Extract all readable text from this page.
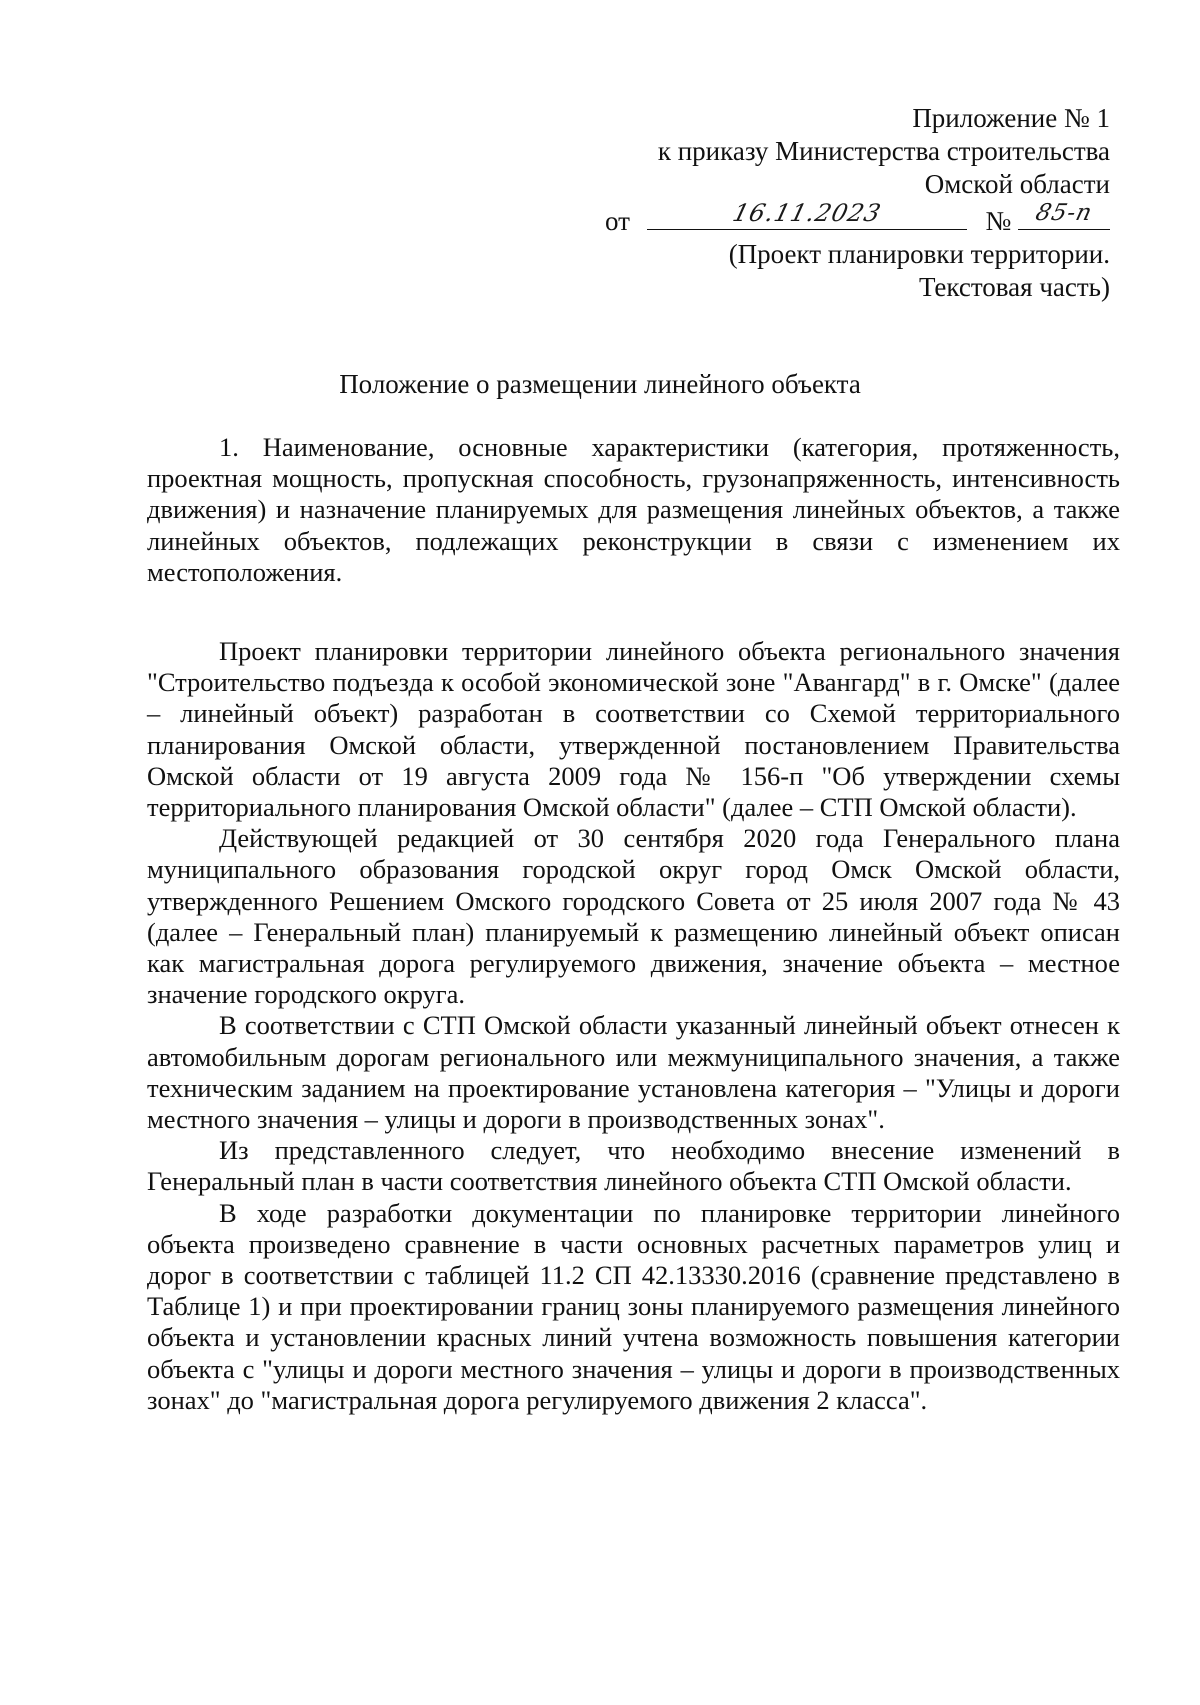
Приложение № 1
к приказу Министерства строительства
Омской области
от	16.11.2023	№ 85-п
(Проект планировки территории.
Текстовая часть)
Положение о размещении линейного объекта

1. Наименование, основные характеристики (категория, протяженность, проектная мощность, пропускная способность, грузонапряженность, интенсивность движения) и назначение планируемых для размещения линейных объектов, а также линейных объектов, подлежащих реконструкции в связи с изменением их местоположения.

Проект планировки территории линейного объекта регионального значения "Строительство подъезда к особой экономической зоне "Авангард" в г. Омске" (далее – линейный объект) разработан в соответствии со Схемой территориального планирования Омской области, утвержденной постановлением Правительства Омской области от 19 августа 2009 года № 156-п "Об утверждении схемы территориального планирования Омской области" (далее – СТП Омской области).

Действующей редакцией от 30 сентября 2020 года Генерального плана муниципального образования городской округ город Омск Омской области, утвержденного Решением Омского городского Совета от 25 июля 2007 года № 43 (далее – Генеральный план) планируемый к размещению линейный объект описан как магистральная дорога регулируемого движения, значение объекта – местное значение городского округа.

В соответствии с СТП Омской области указанный линейный объект отнесен к автомобильным дорогам регионального или межмуниципального значения, а также техническим заданием на проектирование установлена категория – "Улицы и дороги местного значения – улицы и дороги в производственных зонах".

Из представленного следует, что необходимо внесение изменений в Генеральный план в части соответствия линейного объекта СТП Омской области.

В ходе разработки документации по планировке территории линейного объекта произведено сравнение в части основных расчетных параметров улиц и дорог в соответствии с таблицей 11.2 СП 42.13330.2016 (сравнение представлено в Таблице 1) и при проектировании границ зоны планируемого размещения линейного объекта и установлении красных линий учтена возможность повышения категории объекта с "улицы и дороги местного значения – улицы и дороги в производственных зонах" до "магистральная дорога регулируемого движения 2 класса".
